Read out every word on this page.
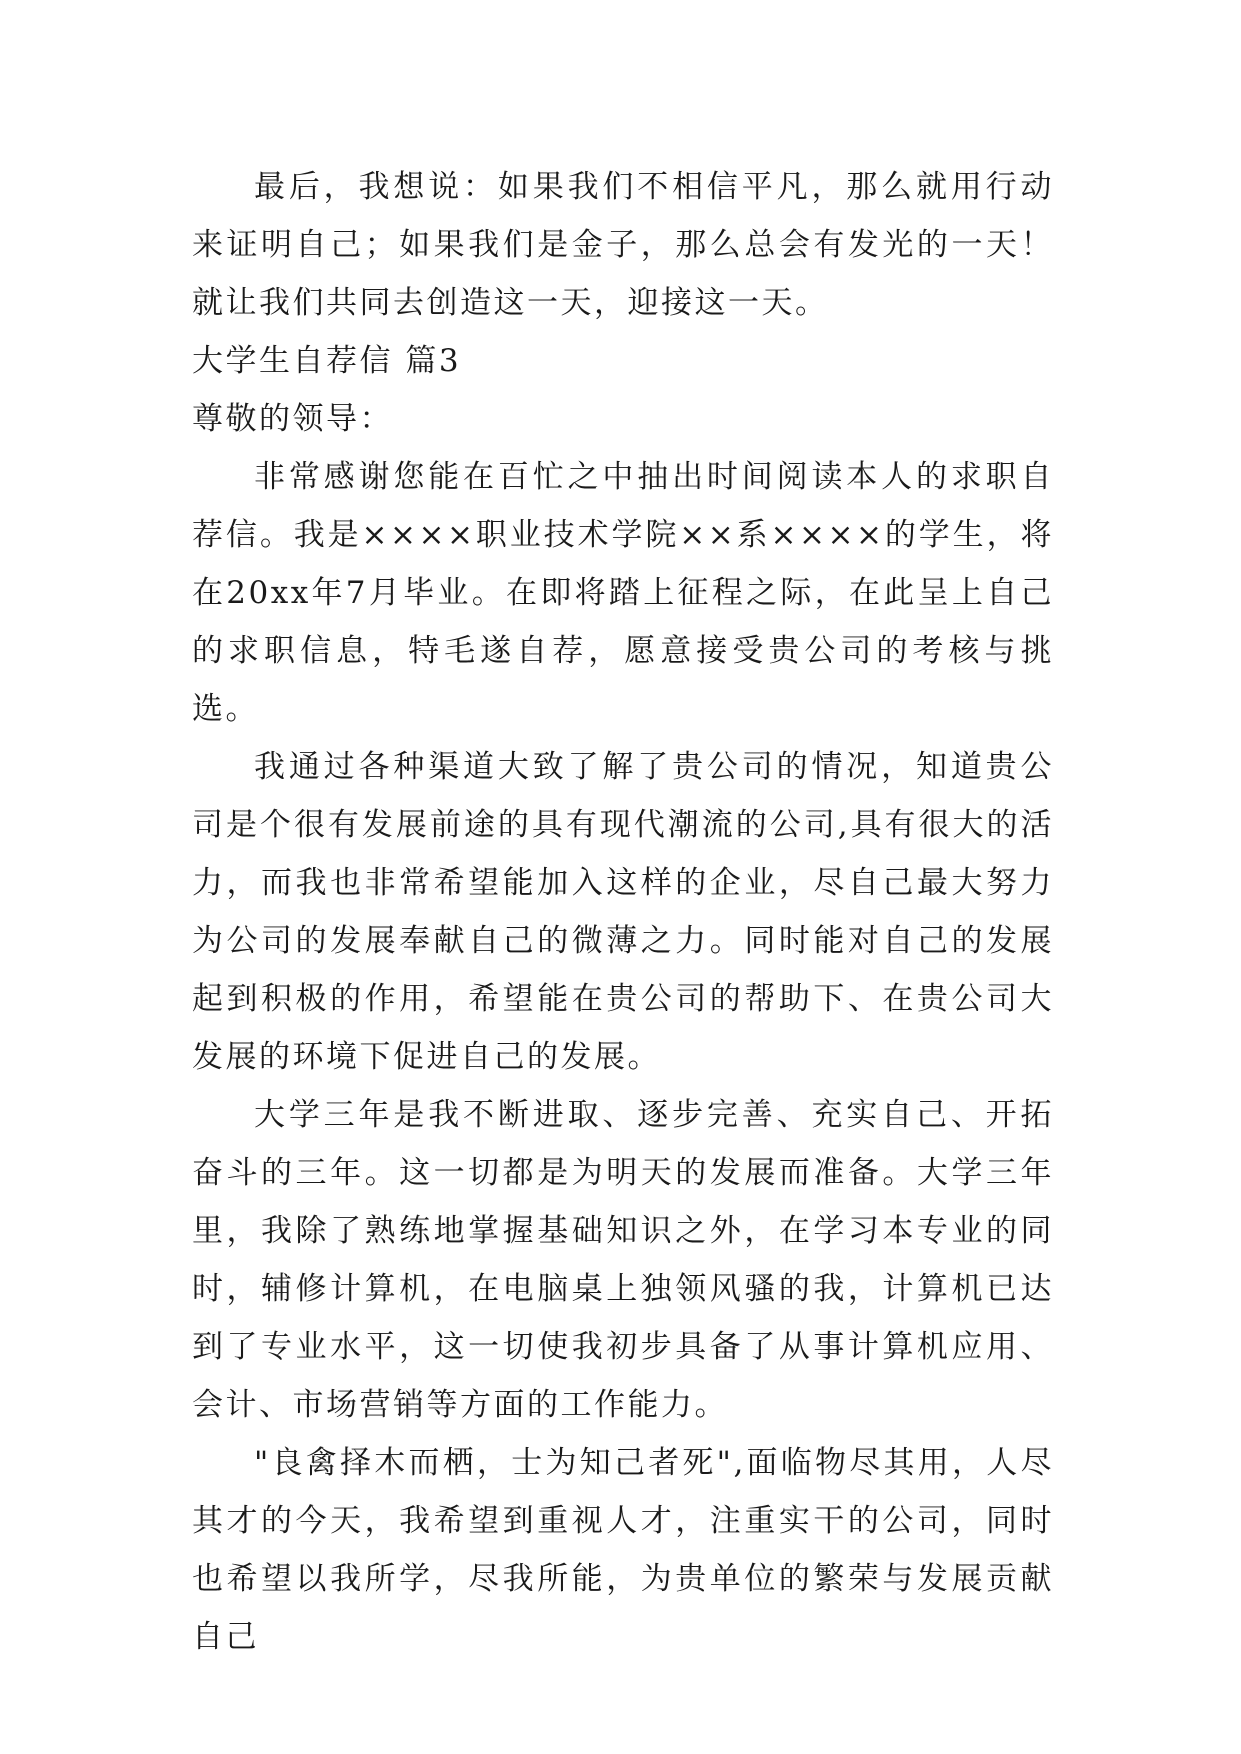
最后，我想说：如果我们不相信平凡，那么就用行动来证明自己；如果我们是金子，那么总会有发光的一天！就让我们共同去创造这一天，迎接这一天。

大学生自荐信 篇3

尊敬的领导：

非常感谢您能在百忙之中抽出时间阅读本人的求职自荐信。我是××××职业技术学院××系××××的学生，将在20xx年7月毕业。在即将踏上征程之际，在此呈上自己的求职信息，特毛遂自荐，愿意接受贵公司的考核与挑选。

我通过各种渠道大致了解了贵公司的情况，知道贵公司是个很有发展前途的具有现代潮流的公司,具有很大的活力，而我也非常希望能加入这样的企业，尽自己最大努力为公司的发展奉献自己的微薄之力。同时能对自己的发展起到积极的作用，希望能在贵公司的帮助下、在贵公司大发展的环境下促进自己的发展。

大学三年是我不断进取、逐步完善、充实自己、开拓奋斗的三年。这一切都是为明天的发展而准备。大学三年里，我除了熟练地掌握基础知识之外，在学习本专业的同时，辅修计算机，在电脑桌上独领风骚的我，计算机已达到了专业水平，这一切使我初步具备了从事计算机应用、会计、市场营销等方面的工作能力。

"良禽择木而栖，士为知己者死",面临物尽其用，人尽其才的今天，我希望到重视人才，注重实干的公司，同时也希望以我所学，尽我所能，为贵单位的繁荣与发展贡献自己
